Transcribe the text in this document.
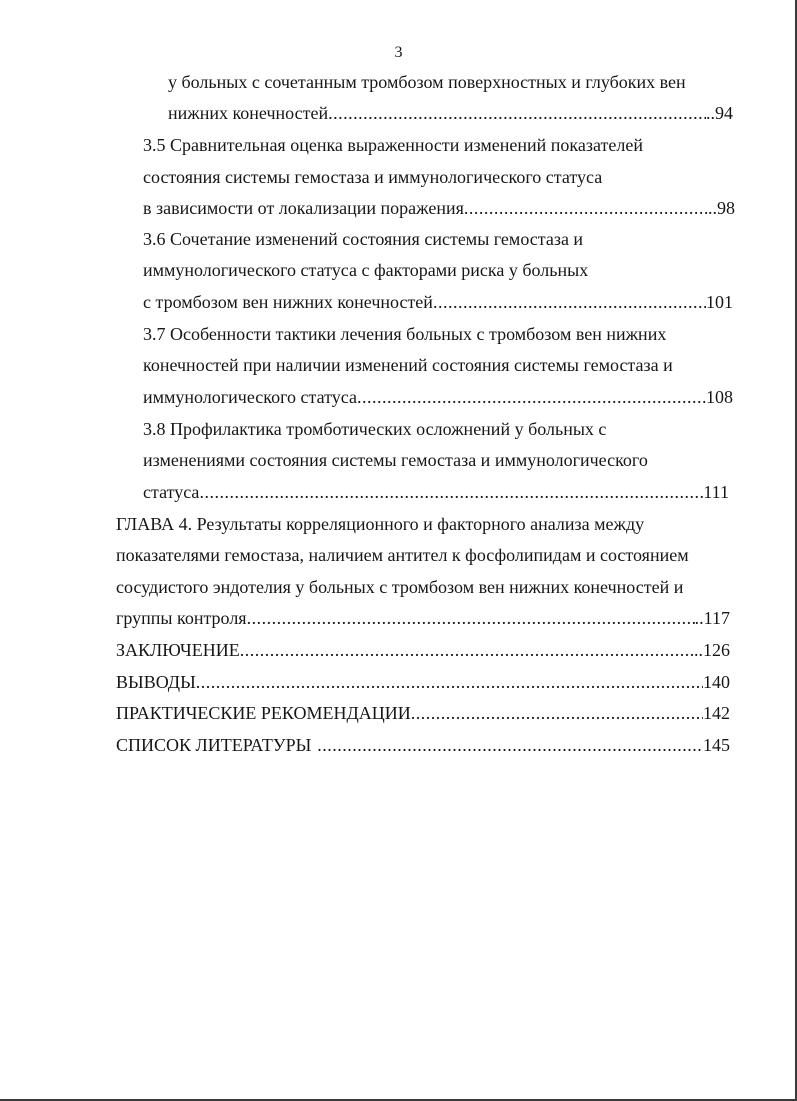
3
у больных с сочетанным тромбозом поверхностных и глубоких вен
нижних конечностей .....	..94
3.5 Сравнительная оценка выраженности изменений показателей
состояния системы гемостаза и иммунологического статуса
в зависимости от локализации поражения .....	..98
3.6 Сочетание изменений состояния системы гемостаза и
иммунологического статуса с факторами риска у больных
с тромбозом вен нижних конечностей .....	101
3.7 Особенности тактики лечения больных с тромбозом вен нижних
конечностей при наличии изменений состояния системы гемостаза и
иммунологического статуса .....	108
3.8 Профилактика тромботических осложнений у больных с
изменениями состояния системы гемостаза и иммунологического
статуса .....	111
ГЛАВА 4. Результаты корреляционного и факторного анализа между
показателями гемостаза, наличием антител к фосфолипидам и состоянием
сосудистого эндотелия у больных с тромбозом вен нижних конечностей и
группы контроля .....	..117
ЗАКЛЮЧЕНИЕ .....	..126
ВЫВОДЫ .....	140
ПРАКТИЧЕСКИЕ РЕКОМЕНДАЦИИ .....	142
СПИСОК ЛИТЕРАТУРЫ .....	145
